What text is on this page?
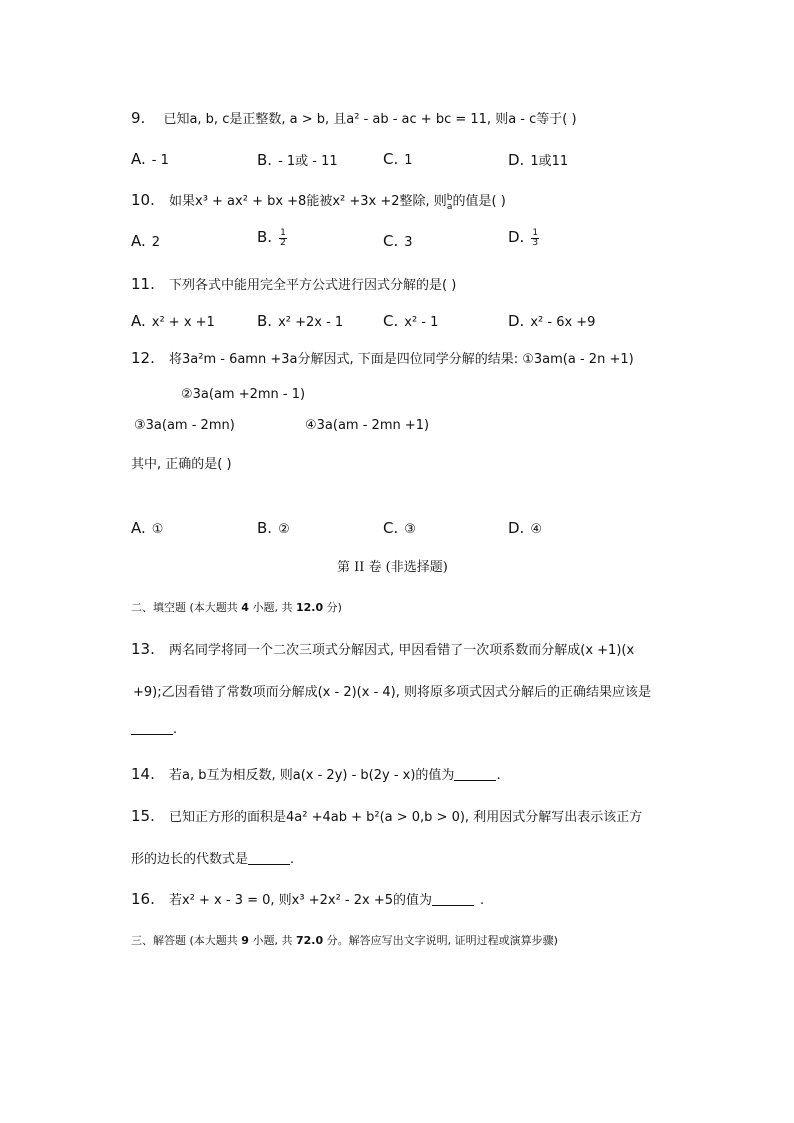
9. 已知a, b, c是正整数, a > b, 且a² - ab - ac + bc = 11, 则a - c等于( )
A. - 1	B. - 1或 - 11	C. 1	D. 1或11
10. 如果x³ + ax² + bx +8能被x² +3x +2整除, 则 b
a 的值是( )
A. 2	B. $\frac{1}{2}$	C. 3	D. $\frac{1}{3}$
11. 下列各式中能用完全平方公式进行因式分解的是( )
A. x² + x +1	B. x² +2x - 1	C. x² - 1	D. x² - 6x +9
12. 将3a²m - 6amn +3a分解因式, 下面是四位同学分解的结果: ①3am(a - 2n +1)
②3a(am +2mn - 1)
③3a(am - 2mn)	④3a(am - 2mn +1)
其中, 正确的是( )
A. ①	B. ②	C. ③	D. ④
第 II 卷 (非选择题)
二、填空题 (本大题共 4 小题, 共 12.0 分)
13. 两名同学将同一个二次三项式分解因式, 甲因看错了一次项系数而分解成(x +1)(x
+9);乙因看错了常数项而分解成(x - 2)(x - 4), 则将原多项式因式分解后的正确结果应该是
.
14. 若a, b互为相反数, 则a(x - 2y) - b(2y - x)的值为	.
15. 已知正方形的面积是4a² +4ab + b²(a > 0,b > 0), 利用因式分解写出表示该正方
形的边长的代数式是	.
16. 若x² + x - 3 = 0, 则x³ +2x² - 2x +5的值为	.
三、解答题 (本大题共 9 小题, 共 72.0 分。解答应写出文字说明, 证明过程或演算步骤)
